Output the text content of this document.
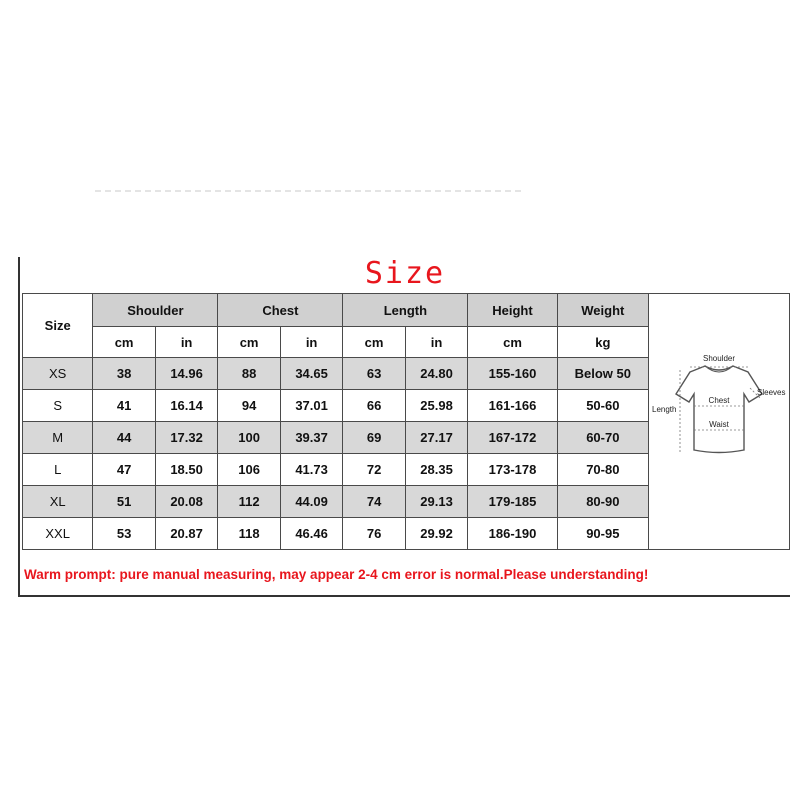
Size
Size	Shoulder		Chest		Length		Height	Weight	Shoulder
Sleeves
Chest
Length
Waist

	cm	in	cm	in	cm	in	cm	kg	
XS	38	14.96	88	34.65	63	24.80	155-160	Below 50	
S	41	16.14	94	37.01	66	25.98	161-166	50-60	
M	44	17.32	100	39.37	69	27.17	167-172	60-70	
L	47	18.50	106	41.73	72	28.35	173-178	70-80	
XL	51	20.08	112	44.09	74	29.13	179-185	80-90	
XXL	53	20.87	118	46.46	76	29.92	186-190	90-95	
Warm prompt: pure manual measuring, may appear 2-4 cm error is normal.Please understanding!
